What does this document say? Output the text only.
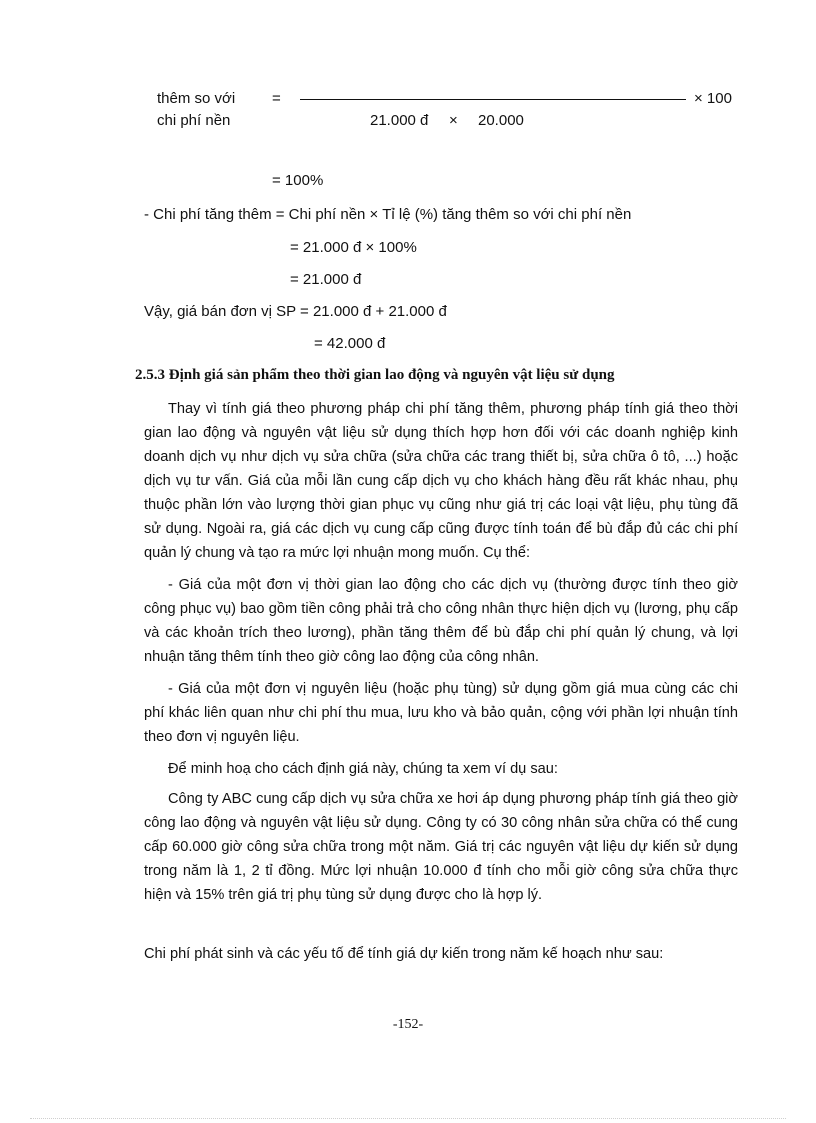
thêm so với =	× 100
chi phí nền	21.000 đ × 20.000
= 100%
- Chi phí tăng thêm = Chi phí nền × Tỉ lệ (%) tăng thêm so với chi phí nền
= 21.000 đ × 100%
= 21.000 đ
Vậy, giá bán đơn vị SP = 21.000 đ + 21.000 đ
= 42.000 đ
2.5.3 Định giá sản phẩm theo thời gian lao động và nguyên vật liệu sử dụng
Thay vì tính giá theo phương pháp chi phí tăng thêm, phương pháp tính giá theo thời gian lao động và nguyên vật liệu sử dụng thích hợp hơn đối với các doanh nghiệp kinh doanh dịch vụ như dịch vụ sửa chữa (sửa chữa các trang thiết bị, sửa chữa ô tô, ...) hoặc dịch vụ tư vấn. Giá của mỗi lần cung cấp dịch vụ cho khách hàng đều rất khác nhau, phụ thuộc phần lớn vào lượng thời gian phục vụ cũng như giá trị các loại vật liệu, phụ tùng đã sử dụng. Ngoài ra, giá các dịch vụ cung cấp cũng được tính toán để bù đắp đủ các chi phí quản lý chung và tạo ra mức lợi nhuận mong muốn. Cụ thể:
- Giá của một đơn vị thời gian lao động cho các dịch vụ (thường được tính theo giờ công phục vụ) bao gồm tiền công phải trả cho công nhân thực hiện dịch vụ (lương, phụ cấp và các khoản trích theo lương), phần tăng thêm để bù đắp chi phí quản lý chung, và lợi nhuận tăng thêm tính theo giờ công lao động của công nhân.
- Giá của một đơn vị nguyên liệu (hoặc phụ tùng) sử dụng gồm giá mua cùng các chi phí khác liên quan như chi phí thu mua, lưu kho và bảo quản, cộng với phần lợi nhuận tính theo đơn vị nguyên liệu.
Để minh hoạ cho cách định giá này, chúng ta xem ví dụ sau:
Công ty ABC cung cấp dịch vụ sửa chữa xe hơi áp dụng phương pháp tính giá theo giờ công lao động và nguyên vật liệu sử dụng. Công ty có 30 công nhân sửa chữa có thể cung cấp 60.000 giờ công sửa chữa trong một năm. Giá trị các nguyên vật liệu dự kiến sử dụng trong năm là 1, 2 tỉ đồng. Mức lợi nhuận 10.000 đ tính cho mỗi giờ công sửa chữa thực hiện và 15% trên giá trị phụ tùng sử dụng được cho là hợp lý.
Chi phí phát sinh và các yếu tố để tính giá dự kiến trong năm kế hoạch như sau:
-152-
